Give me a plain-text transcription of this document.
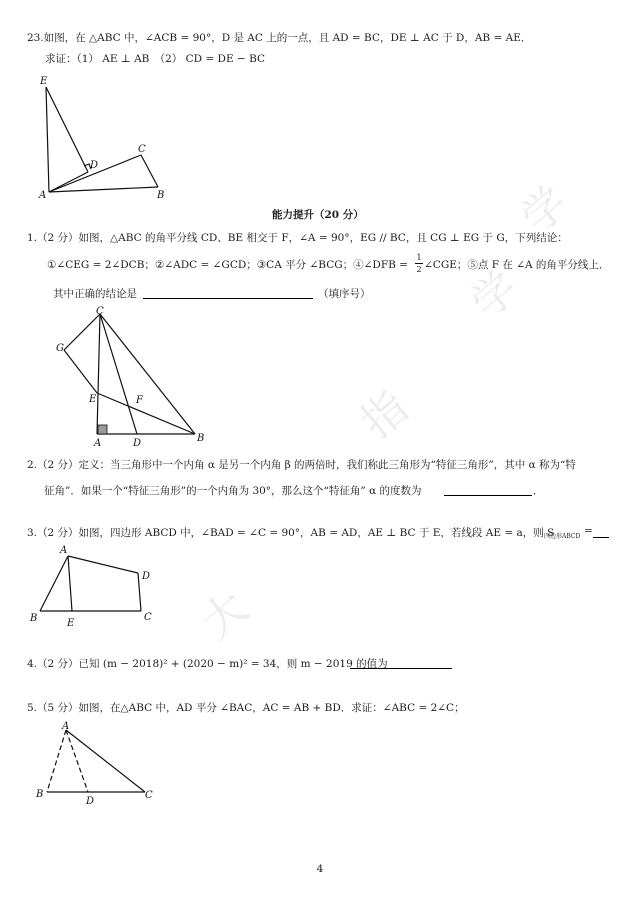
学
指
大
学
23.如图，在 △ABC 中，∠ACB = 90°，D 是 AC 上的一点，且 AD = BC，DE ⊥ AC 于 D，AB = AE．
求证：（1） AE ⊥ AB　（2） CD = DE − BC
E
C
D
A	B
能力提升（20 分）
1.（2 分）如图，△ABC 的角平分线 CD、BE 相交于 F，∠A = 90°，EG // BC，且 CG ⊥ EG 于 G，下列结论：
①∠CEG = 2∠DCB；②∠ADC = ∠GCD；③CA 平分 ∠BCG；④∠DFB =
1
2 ∠CGE；⑤点 F 在 ∠A 的角平分线上．
其中正确的结论是	（填序号）
C
G
E	F
A	D	B
2.（2 分）定义：当三角形中一个内角 α 是另一个内角 β 的两倍时，我们称此三角形为“特征三角形”，其中 α 称为“特
征角”．如果一个“特征三角形”的一个内角为 30°，那么这个“特征角” α 的度数为	．
3.（2 分）如图，四边形 ABCD 中，∠BAD = ∠C = 90°，AB = AD，AE ⊥ BC 于 E，若线段 AE = a，则 S
四边形ABCD =
A
D
B	E
C
4.（2 分）已知 (m − 2018)² + (2020 − m)² = 34，则 m − 2019 的值为
5.（5 分）如图，在△ABC 中，AD 平分 ∠BAC，AC = AB + BD．求证：∠ABC = 2∠C；
A
B
D
C
4
